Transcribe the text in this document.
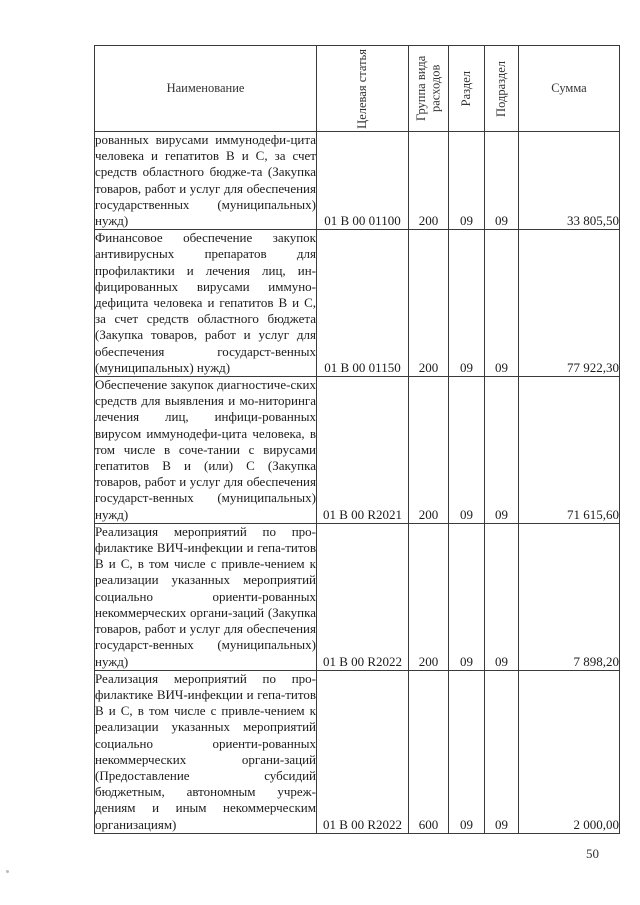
Наименование	Целевая статья	Группа вида расходов	Раздел	Подраздел	Сумма

рованных вирусами иммунодефи-цита человека и гепатитов В и С, за счет средств областного бюдже-та (Закупка товаров, работ и услуг для обеспечения государственных (муниципальных) нужд)	01 В 00 01100	200	09	09	33 805,50
Финансовое обеспечение закупок антивирусных препаратов для профилактики и лечения лиц, ин-фицированных вирусами иммуно-дефицита человека и гепатитов В и С, за счет средств областного бюджета (Закупка товаров, работ и услуг для обеспечения государст-венных (муниципальных) нужд)	01 В 00 01150	200	09	09	77 922,30
Обеспечение закупок диагностиче-ских средств для выявления и мо-ниторинга лечения лиц, инфици-рованных вирусом иммунодефи-цита человека, в том числе в соче-тании с вирусами гепатитов В и (или) С (Закупка товаров, работ и услуг для обеспечения государст-венных (муниципальных) нужд)	01 В 00 R2021	200	09	09	71 615,60
Реализация мероприятий по про-филактике ВИЧ-инфекции и гепа-титов В и С, в том числе с привле-чением к реализации указанных мероприятий социально ориенти-рованных некоммерческих органи-заций (Закупка товаров, работ и услуг для обеспечения государст-венных (муниципальных) нужд)	01 В 00 R2022	200	09	09	7 898,20
Реализация мероприятий по про-филактике ВИЧ-инфекции и гепа-титов В и С, в том числе с привле-чением к реализации указанных мероприятий социально ориенти-рованных некоммерческих органи-заций (Предоставление субсидий бюджетным, автономным учреж-дениям и иным некоммерческим организациям)	01 В 00 R2022	600	09	09	2 000,00
50
